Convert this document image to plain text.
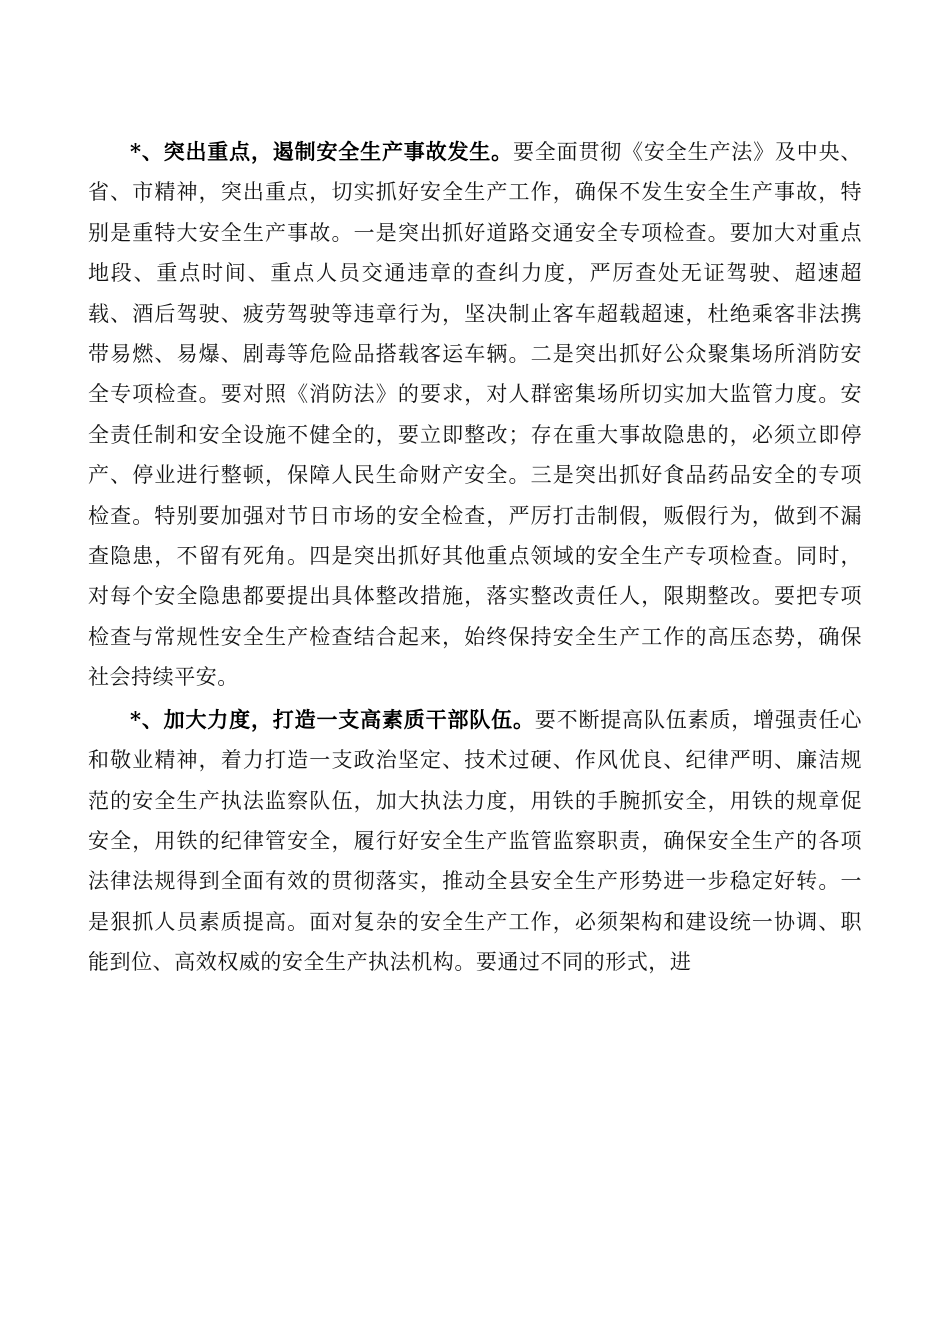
*、突出重点，遏制安全生产事故发生。要全面贯彻《安全生产法》及中央、省、市精神，突出重点，切实抓好安全生产工作，确保不发生安全生产事故，特别是重特大安全生产事故。一是突出抓好道路交通安全专项检查。要加大对重点地段、重点时间、重点人员交通违章的查纠力度，严厉查处无证驾驶、超速超载、酒后驾驶、疲劳驾驶等违章行为，坚决制止客车超载超速，杜绝乘客非法携带易燃、易爆、剧毒等危险品搭载客运车辆。二是突出抓好公众聚集场所消防安全专项检查。要对照《消防法》的要求，对人群密集场所切实加大监管力度。安全责任制和安全设施不健全的，要立即整改；存在重大事故隐患的，必须立即停产、停业进行整顿，保障人民生命财产安全。三是突出抓好食品药品安全的专项检查。特别要加强对节日市场的安全检查，严厉打击制假，贩假行为，做到不漏查隐患，不留有死角。四是突出抓好其他重点领域的安全生产专项检查。同时，对每个安全隐患都要提出具体整改措施，落实整改责任人，限期整改。要把专项检查与常规性安全生产检查结合起来，始终保持安全生产工作的高压态势，确保社会持续平安。

*、加大力度，打造一支高素质干部队伍。要不断提高队伍素质，增强责任心和敬业精神，着力打造一支政治坚定、技术过硬、作风优良、纪律严明、廉洁规范的安全生产执法监察队伍，加大执法力度，用铁的手腕抓安全，用铁的规章促安全，用铁的纪律管安全，履行好安全生产监管监察职责，确保安全生产的各项法律法规得到全面有效的贯彻落实，推动全县安全生产形势进一步稳定好转。一是狠抓人员素质提高。面对复杂的安全生产工作，必须架构和建设统一协调、职能到位、高效权威的安全生产执法机构。要通过不同的形式，进
